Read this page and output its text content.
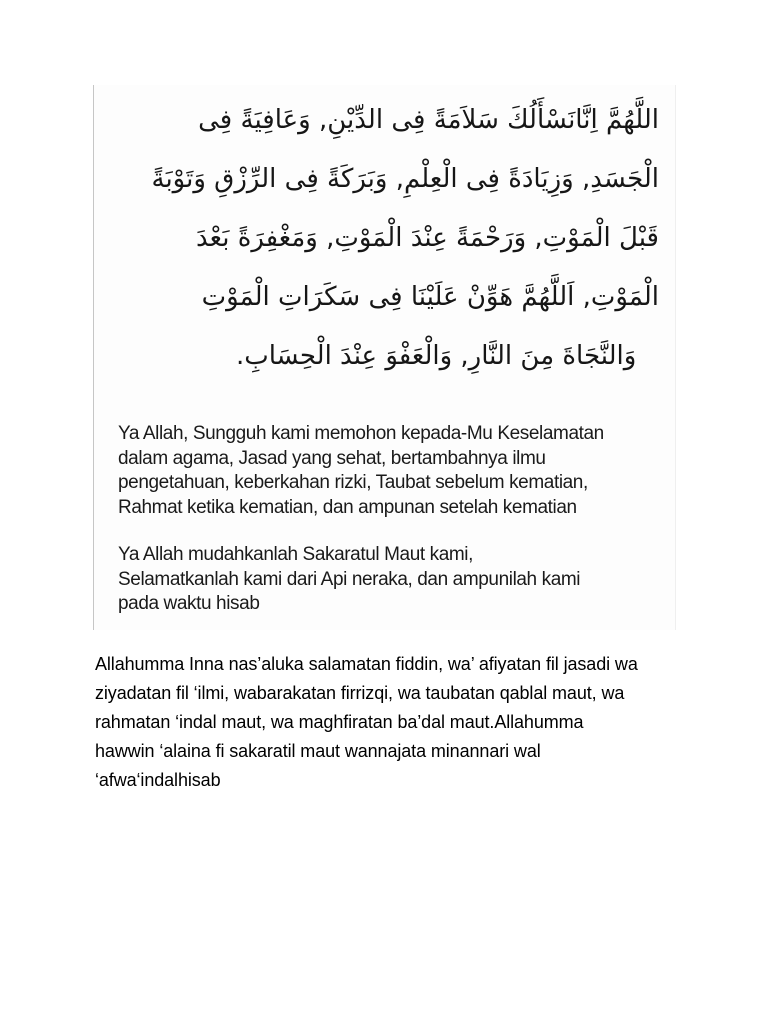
اللَّهُمَّ اِنَّانَسْأَلُكَ سَلاَمَةً فِى الدِّيْنِ, وَعَافِيَةً فِى
الْجَسَدِ, وَزِيَادَةً فِى الْعِلْمِ, وَبَرَكَةً فِى الرِّزْقِ وَتَوْبَةً
قَبْلَ الْمَوْتِ, وَرَحْمَةً عِنْدَ الْمَوْتِ, وَمَغْفِرَةً بَعْدَ
الْمَوْتِ, اَللَّهُمَّ هَوِّنْ عَلَيْنَا فِى سَكَرَاتِ الْمَوْتِ
وَالنَّجَاةَ مِنَ النَّارِ, وَالْعَفْوَ عِنْدَ الْحِسَابِ.
Ya Allah, Sungguh kami memohon kepada-Mu Keselamatan
dalam agama, Jasad yang sehat, bertambahnya ilmu
pengetahuan, keberkahan rizki, Taubat sebelum kematian,
Rahmat ketika kematian, dan ampunan setelah kematian
Ya Allah mudahkanlah Sakaratul Maut kami,
Selamatkanlah kami dari Api neraka, dan ampunilah kami
pada waktu hisab
Allahumma Inna nas’aluka salamatan fiddin, wa’ afiyatan fil jasadi wa
ziyadatan fil ‘ilmi, wabarakatan firrizqi, wa taubatan qablal maut, wa
rahmatan ‘indal maut, wa maghfiratan ba’dal maut.Allahumma
hawwin ‘alaina fi sakaratil maut wannajata minannari wal
‘afwa‘indalhisab
